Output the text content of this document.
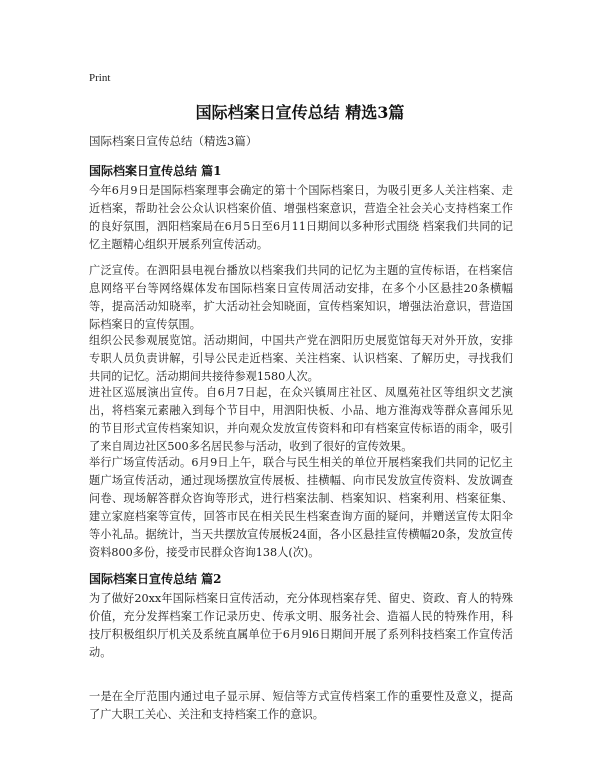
Print
国际档案日宣传总结 精选3篇
国际档案日宣传总结（精选3篇）
国际档案日宣传总结 篇1

今年6月9日是国际档案理事会确定的第十个国际档案日，为吸引更多人关注档案、走近档案，帮助社会公众认识档案价值、增强档案意识，营造全社会关心支持档案工作的良好氛围，泗阳档案局在6月5日至6月11日期间以多种形式围绕 档案我们共同的记忆主题精心组织开展系列宣传活动。

广泛宣传。在泗阳县电视台播放以档案我们共同的记忆为主题的宣传标语，在档案信息网络平台等网络媒体发布国际档案日宣传周活动安排，在多个小区悬挂20条横幅等，提高活动知晓率，扩大活动社会知晓面，宣传档案知识，增强法治意识，营造国际档案日的宣传氛围。

组织公民参观展览馆。活动期间，中国共产党在泗阳历史展览馆每天对外开放，安排专职人员负责讲解，引导公民走近档案、关注档案、认识档案、了解历史，寻找我们共同的记忆。活动期间共接待参观1580人次。

进社区巡展演出宣传。自6月7日起，在众兴镇周庄社区、凤凰苑社区等组织文艺演出，将档案元素融入到每个节目中，用泗阳快板、小品、地方淮海戏等群众喜闻乐见的节目形式宣传档案知识，并向观众发放宣传资料和印有档案宣传标语的雨伞，吸引了来自周边社区500多名居民参与活动，收到了很好的宣传效果。

举行广场宣传活动。6月9日上午，联合与民生相关的单位开展档案我们共同的记忆主题广场宣传活动，通过现场摆放宣传展板、挂横幅、向市民发放宣传资料、发放调查问卷、现场解答群众咨询等形式，进行档案法制、档案知识、档案利用、档案征集、建立家庭档案等宣传，回答市民在相关民生档案查询方面的疑问，并赠送宣传太阳伞等小礼品。据统计，当天共摆放宣传展板24面，各小区悬挂宣传横幅20条，发放宣传资料800多份，接受市民群众咨询138人(次)。

国际档案日宣传总结 篇2

为了做好20xx年国际档案日宣传活动，充分体现档案存凭、留史、资政、育人的特殊价值，充分发挥档案工作记录历史、传承文明、服务社会、造福人民的特殊作用，科技厅积极组织厅机关及系统直属单位于6月9l6日期间开展了系列科技档案工作宣传活动。

一是在全厅范围内通过电子显示屏、短信等方式宣传档案工作的重要性及意义，提高了广大职工关心、关注和支持档案工作的意识。
